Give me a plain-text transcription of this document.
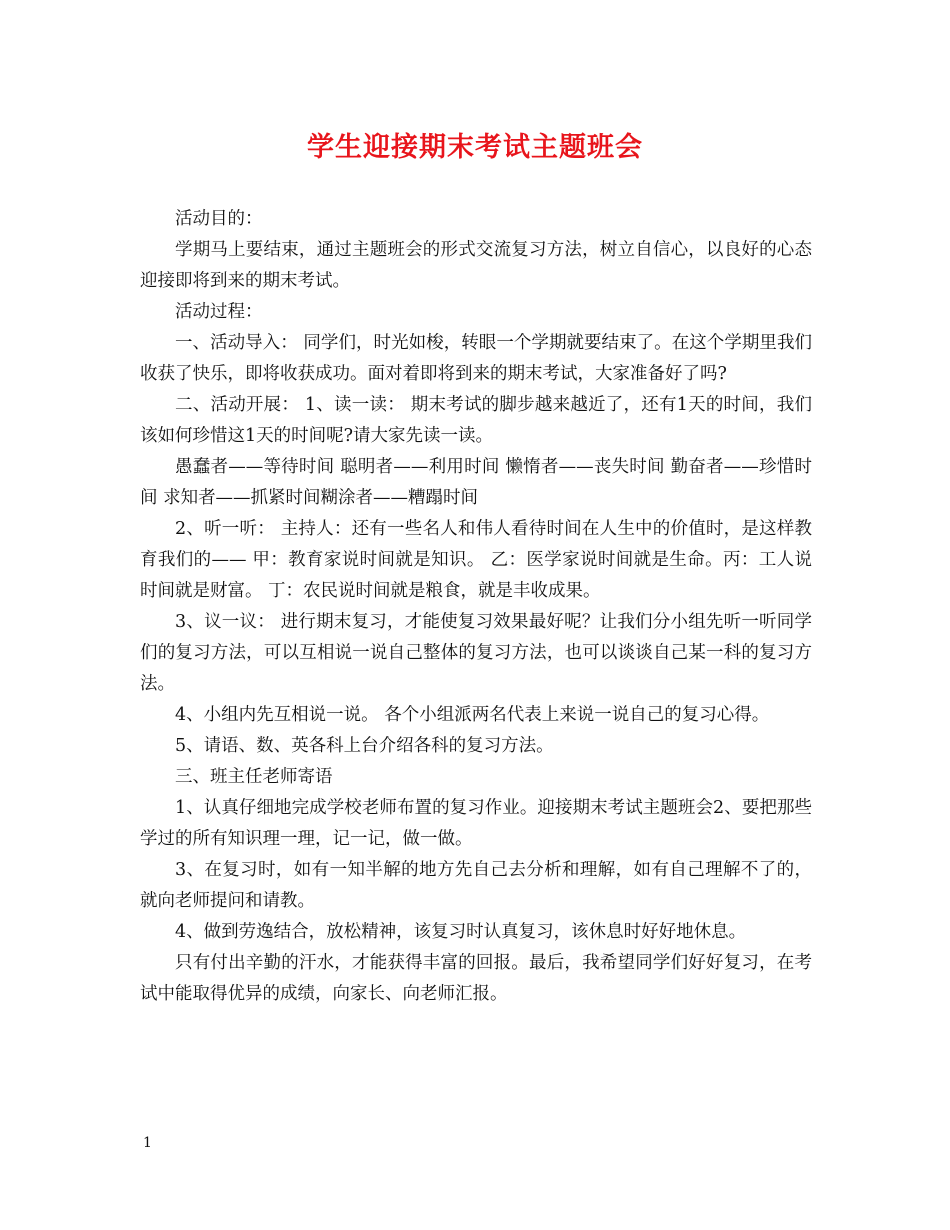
学生迎接期末考试主题班会

活动目的：

学期马上要结束，通过主题班会的形式交流复习方法，树立自信心，以良好的心态迎接即将到来的期末考试。

活动过程：

一、活动导入： 同学们，时光如梭，转眼一个学期就要结束了。在这个学期里我们收获了快乐，即将收获成功。面对着即将到来的期末考试，大家准备好了吗?

二、活动开展： 1、读一读： 期末考试的脚步越来越近了，还有1天的时间，我们该如何珍惜这1天的时间呢?请大家先读一读。

愚蠢者——等待时间 聪明者——利用时间 懒惰者——丧失时间 勤奋者——珍惜时间 求知者——抓紧时间糊涂者——糟蹋时间

2、听一听： 主持人：还有一些名人和伟人看待时间在人生中的价值时，是这样教育我们的—— 甲：教育家说时间就是知识。 乙：医学家说时间就是生命。丙：工人说时间就是财富。 丁：农民说时间就是粮食，就是丰收成果。

3、议一议： 进行期末复习，才能使复习效果最好呢？让我们分小组先听一听同学们的复习方法，可以互相说一说自己整体的复习方法，也可以谈谈自己某一科的复习方法。

4、小组内先互相说一说。 各个小组派两名代表上来说一说自己的复习心得。

5、请语、数、英各科上台介绍各科的复习方法。

三、班主任老师寄语

1、认真仔细地完成学校老师布置的复习作业。迎接期末考试主题班会2、要把那些学过的所有知识理一理，记一记，做一做。

3、在复习时，如有一知半解的地方先自己去分析和理解，如有自己理解不了的，就向老师提问和请教。

4、做到劳逸结合，放松精神，该复习时认真复习，该休息时好好地休息。

只有付出辛勤的汗水，才能获得丰富的回报。最后，我希望同学们好好复习，在考试中能取得优异的成绩，向家长、向老师汇报。

1
